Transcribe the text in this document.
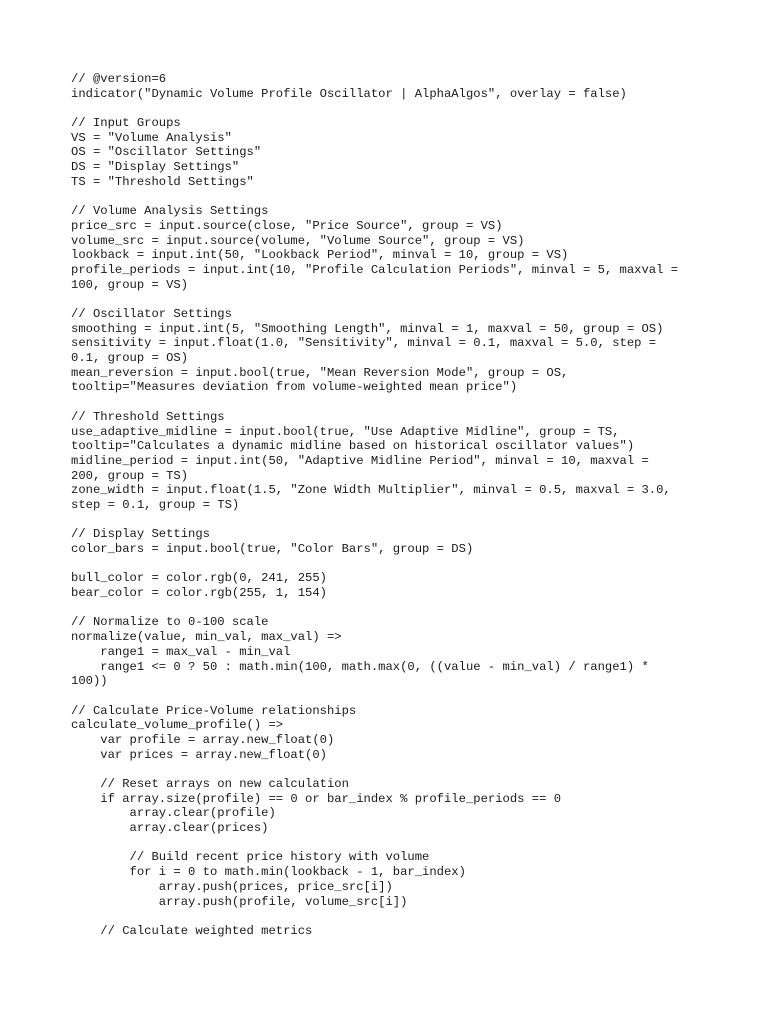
// @version=6
indicator("Dynamic Volume Profile Oscillator | AlphaAlgos", overlay = false)
// Input Groups
VS = "Volume Analysis"
OS = "Oscillator Settings"
DS = "Display Settings"
TS = "Threshold Settings"
// Volume Analysis Settings
price_src = input.source(close, "Price Source", group = VS)
volume_src = input.source(volume, "Volume Source", group = VS)
lookback = input.int(50, "Lookback Period", minval = 10, group = VS)
profile_periods = input.int(10, "Profile Calculation Periods", minval = 5, maxval =
100, group = VS)
// Oscillator Settings
smoothing = input.int(5, "Smoothing Length", minval = 1, maxval = 50, group = OS)
sensitivity = input.float(1.0, "Sensitivity", minval = 0.1, maxval = 5.0, step =
0.1, group = OS)
mean_reversion = input.bool(true, "Mean Reversion Mode", group = OS,
tooltip="Measures deviation from volume-weighted mean price")
// Threshold Settings
use_adaptive_midline = input.bool(true, "Use Adaptive Midline", group = TS,
tooltip="Calculates a dynamic midline based on historical oscillator values")
midline_period = input.int(50, "Adaptive Midline Period", minval = 10, maxval =
200, group = TS)
zone_width = input.float(1.5, "Zone Width Multiplier", minval = 0.5, maxval = 3.0,
step = 0.1, group = TS)
// Display Settings
color_bars = input.bool(true, "Color Bars", group = DS)
bull_color = color.rgb(0, 241, 255)
bear_color = color.rgb(255, 1, 154)
// Normalize to 0-100 scale
normalize(value, min_val, max_val) =>
range1 = max_val - min_val
range1 <= 0 ? 50 : math.min(100, math.max(0, ((value - min_val) / range1) *
100))
// Calculate Price-Volume relationships
calculate_volume_profile() =>
var profile = array.new_float(0)
var prices = array.new_float(0)
// Reset arrays on new calculation
if array.size(profile) == 0 or bar_index % profile_periods == 0
array.clear(profile)
array.clear(prices)
// Build recent price history with volume
for i = 0 to math.min(lookback - 1, bar_index)
array.push(prices, price_src[i])
array.push(profile, volume_src[i])
// Calculate weighted metrics
